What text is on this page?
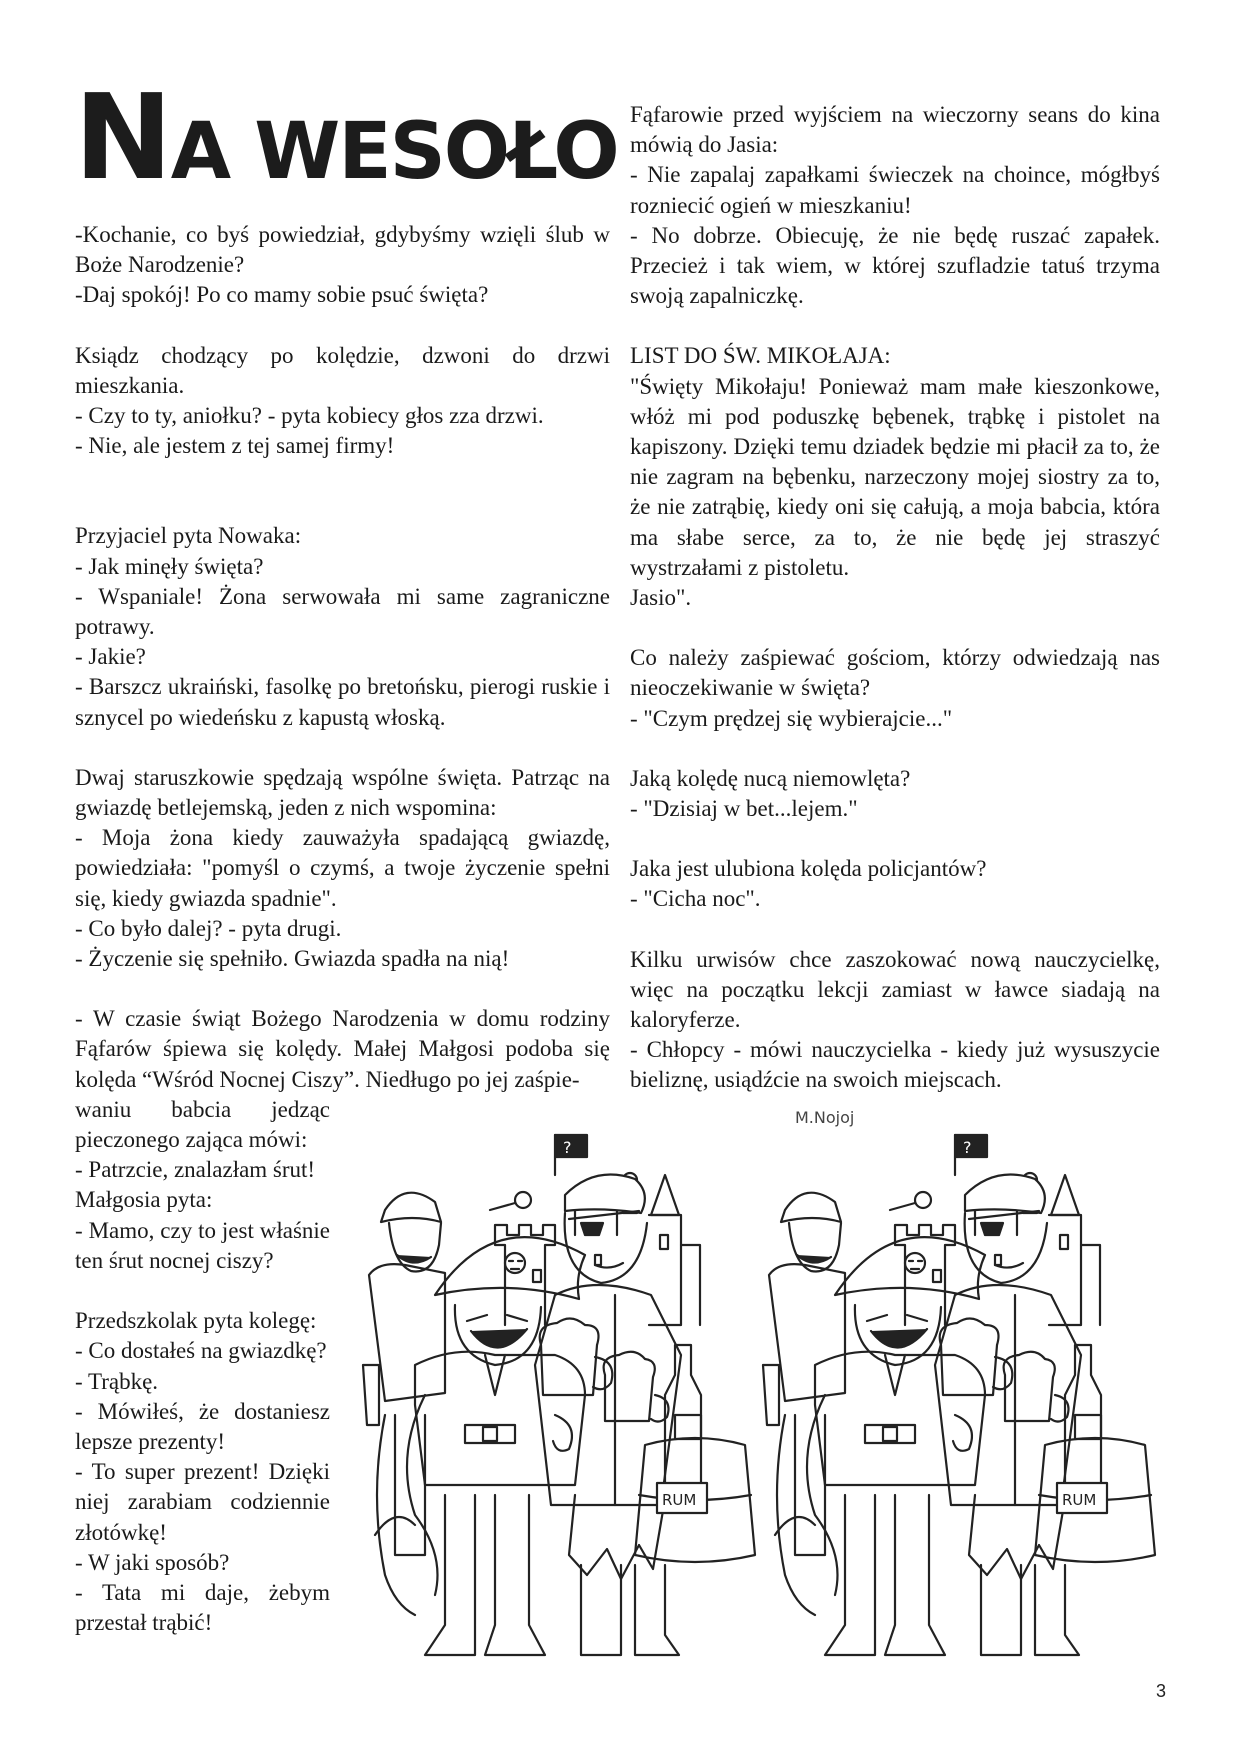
NA WESOŁO

-Kochanie, co byś powiedział, gdybyśmy wzięli ślub w Boże Narodzenie?
-Daj spokój! Po co mamy sobie psuć święta?

Ksiądz chodzący po kolędzie, dzwoni do drzwi mieszkania.
- Czy to ty, aniołku? - pyta kobiecy głos zza drzwi.
- Nie, ale jestem z tej samej firmy!

Przyjaciel pyta Nowaka:
- Jak minęły święta?
- Wspaniale! Żona serwowała mi same zagraniczne potrawy.
- Jakie?
- Barszcz ukraiński, fasolkę po bretońsku, pierogi ruskie i sznycel po wiedeńsku z kapustą włoską.

Dwaj staruszkowie spędzają wspólne święta. Patrząc na gwiazdę betlejemską, jeden z nich wspomina:
- Moja żona kiedy zauważyła spadającą gwiazdę, powiedziała: "pomyśl o czymś, a twoje życzenie spełni się, kiedy gwiazda spadnie".
- Co było dalej? - pyta drugi.
- Życzenie się spełniło. Gwiazda spadła na nią!

- W czasie świąt Bożego Narodzenia w domu rodziny Fąfarów śpiewa się kolędy. Małej Małgosi podoba się kolęda “Wśród Nocnej Ciszy”. Niedługo po jej zaśpie-
waniu babcia jedząc pieczonego zająca mówi:
- Patrzcie, znalazłam śrut!
Małgosia pyta:
- Mamo, czy to jest właśnie ten śrut nocnej ciszy?

Przedszkolak pyta kolegę:
- Co dostałeś na gwiazdkę?
- Trąbkę.
- Mówiłeś, że dostaniesz lepsze prezenty!
- To super prezent! Dzięki niej zarabiam codziennie złotówkę!
- W jaki sposób?
- Tata mi daje, żebym przestał trąbić!

Fąfarowie przed wyjściem na wieczorny seans do kina mówią do Jasia:
- Nie zapalaj zapałkami świeczek na choince, mógłbyś rozniecić ogień w mieszkaniu!
- No dobrze. Obiecuję, że nie będę ruszać zapałek. Przecież i tak wiem, w której szufladzie tatuś trzyma swoją zapalniczkę.

LIST DO ŚW. MIKOŁAJA:
"Święty Mikołaju! Ponieważ mam małe kieszonkowe, włóż mi pod poduszkę bębenek, trąbkę i pistolet na kapiszony. Dzięki temu dziadek będzie mi płacił za to, że nie zagram na bębenku, narzeczony mojej siostry za to, że nie zatrąbię, kiedy oni się całują, a moja babcia, która ma słabe serce, za to, że nie będę jej straszyć wystrzałami z pistoletu.
Jasio".

Co należy zaśpiewać gościom, którzy odwiedzają nas nieoczekiwanie w święta?
- "Czym prędzej się wybierajcie..."

Jaką kolędę nucą niemowlęta?
- "Dzisiaj w bet...lejem."

Jaka jest ulubiona kolęda policjantów?
- "Cicha noc".

Kilku urwisów chce zaszokować nową nauczycielkę, więc na początku lekcji zamiast w ławce siadają na kaloryferze.
- Chłopcy - mówi nauczycielka - kiedy już wysuszycie bieliznę, usiądźcie na swoich miejscach.

RUM
M.Nojoj
?	?
3
